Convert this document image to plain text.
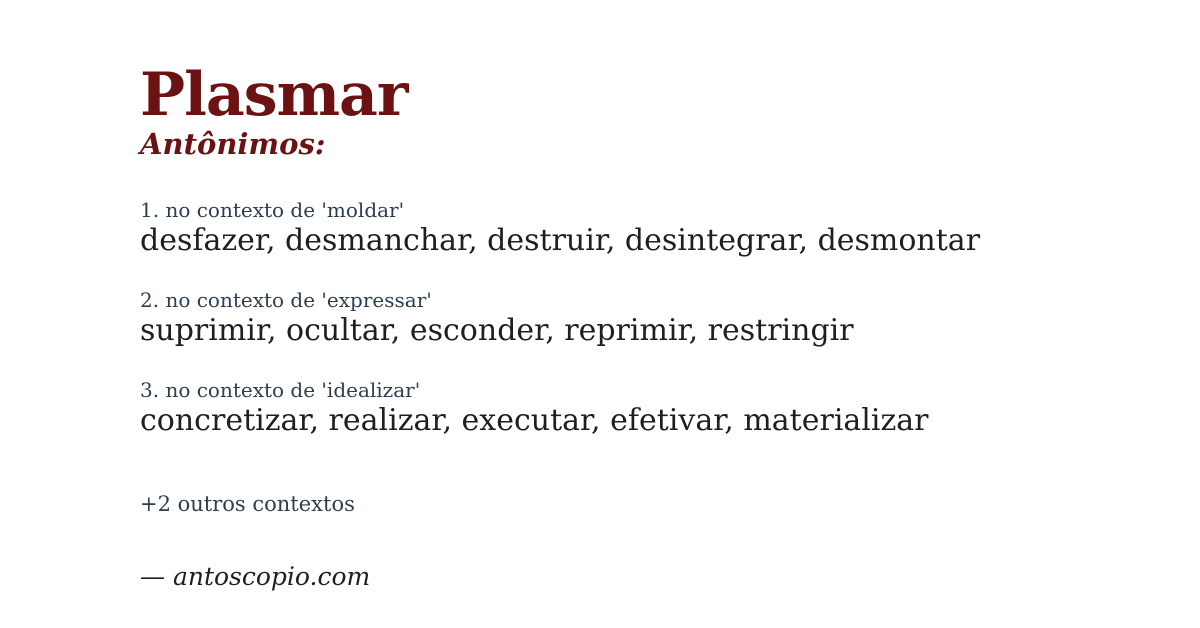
Plasmar
Antônimos:
1. no contexto de 'moldar'
desfazer, desmanchar, destruir, desintegrar, desmontar
2. no contexto de 'expressar'
suprimir, ocultar, esconder, reprimir, restringir
3. no contexto de 'idealizar'
concretizar, realizar, executar, efetivar, materializar
+2 outros contextos
— antoscopio.com
